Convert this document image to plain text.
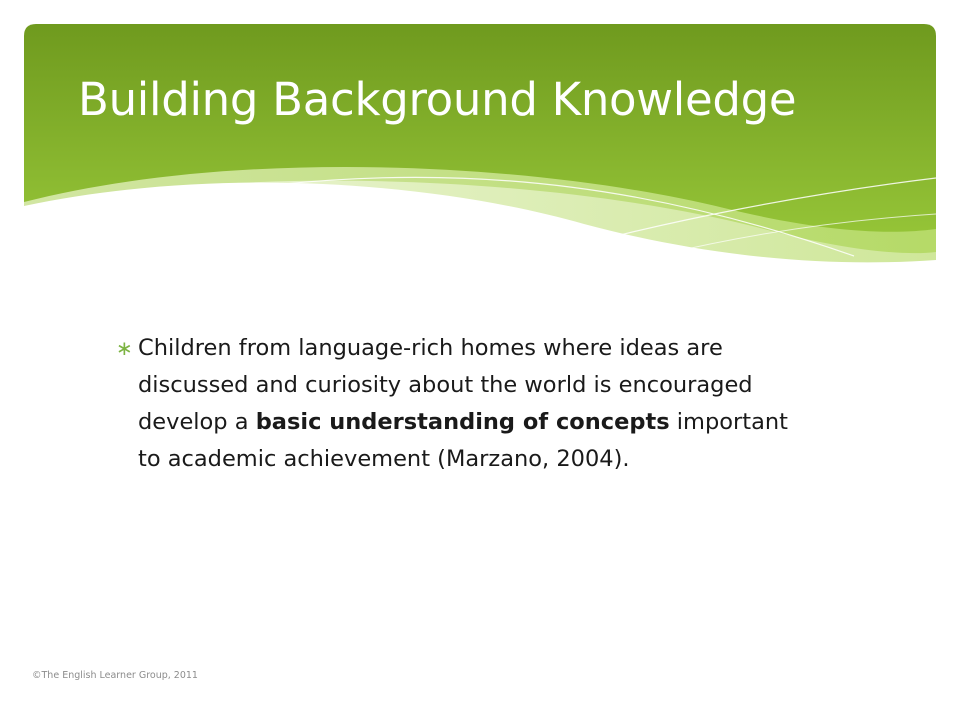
Building Background Knowledge
∗ Children from language-rich homes where ideas are discussed and curiosity about the world is encouraged develop a basic understanding of concepts important to academic achievement (Marzano, 2004).

©The English Learner Group, 2011
